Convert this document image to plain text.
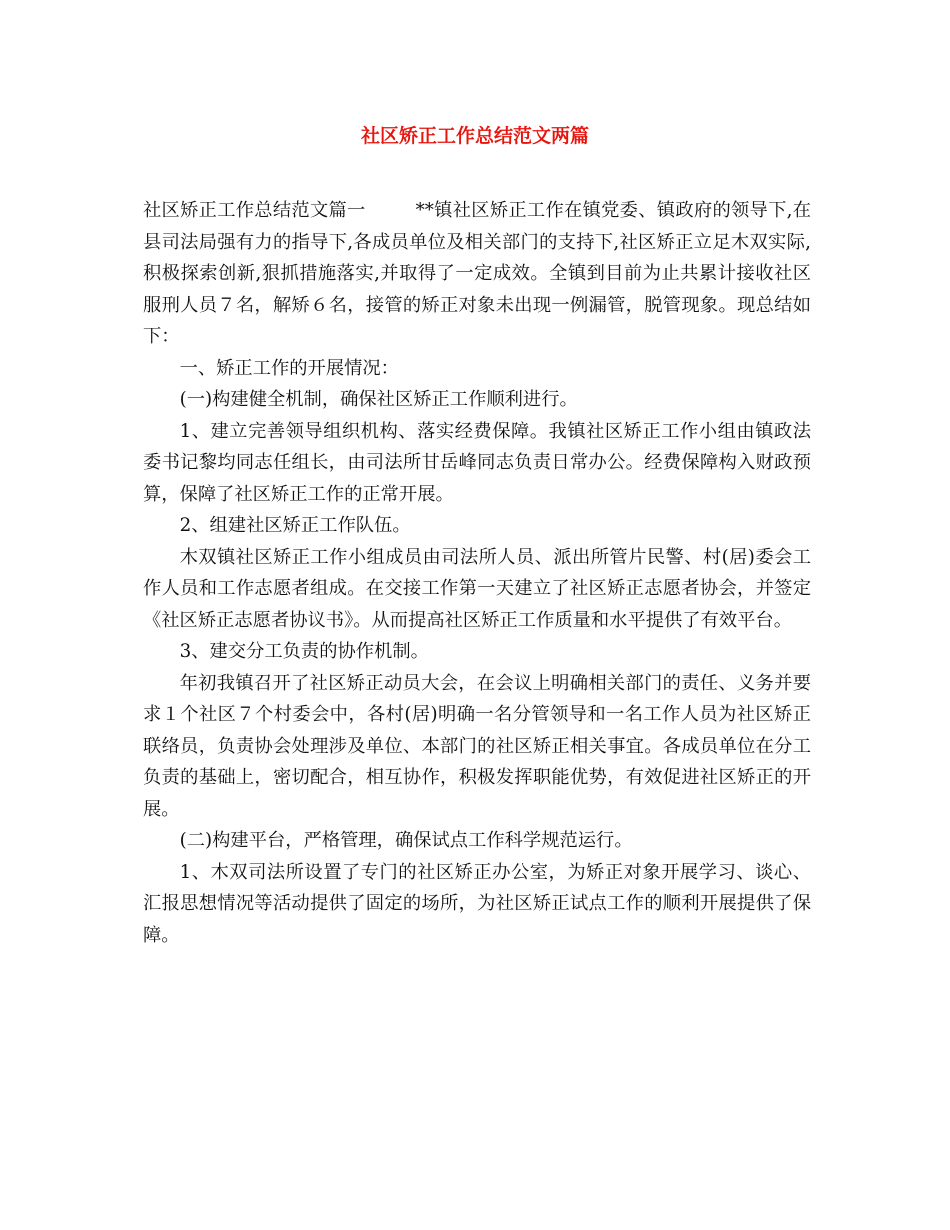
社区矫正工作总结范文两篇

社区矫正工作总结范文篇一	**镇社区矫正工作在镇党委、镇政府的领导下,在县司法局强有力的指导下,各成员单位及相关部门的支持下,社区矫正立足木双实际,积极探索创新,狠抓措施落实,并取得了一定成效。全镇到目前为止共累计接收社区服刑人员７名，解矫６名，接管的矫正对象未出现一例漏管，脱管现象。现总结如下：

一、矫正工作的开展情况：

(一)构建健全机制，确保社区矫正工作顺利进行。

1、建立完善领导组织机构、落实经费保障。我镇社区矫正工作小组由镇政法委书记黎均同志任组长，由司法所甘岳峰同志负责日常办公。经费保障构入财政预算，保障了社区矫正工作的正常开展。

2、组建社区矫正工作队伍。

木双镇社区矫正工作小组成员由司法所人员、派出所管片民警、村(居)委会工作人员和工作志愿者组成。在交接工作第一天建立了社区矫正志愿者协会，并签定《社区矫正志愿者协议书》。从而提高社区矫正工作质量和水平提供了有效平台。

3、建交分工负责的协作机制。

年初我镇召开了社区矫正动员大会，在会议上明确相关部门的责任、义务并要求１个社区７个村委会中，各村(居)明确一名分管领导和一名工作人员为社区矫正联络员，负责协会处理涉及单位、本部门的社区矫正相关事宜。各成员单位在分工负责的基础上，密切配合，相互协作，积极发挥职能优势，有效促进社区矫正的开展。

(二)构建平台，严格管理，确保试点工作科学规范运行。

1、木双司法所设置了专门的社区矫正办公室，为矫正对象开展学习、谈心、汇报思想情况等活动提供了固定的场所，为社区矫正试点工作的顺利开展提供了保障。
